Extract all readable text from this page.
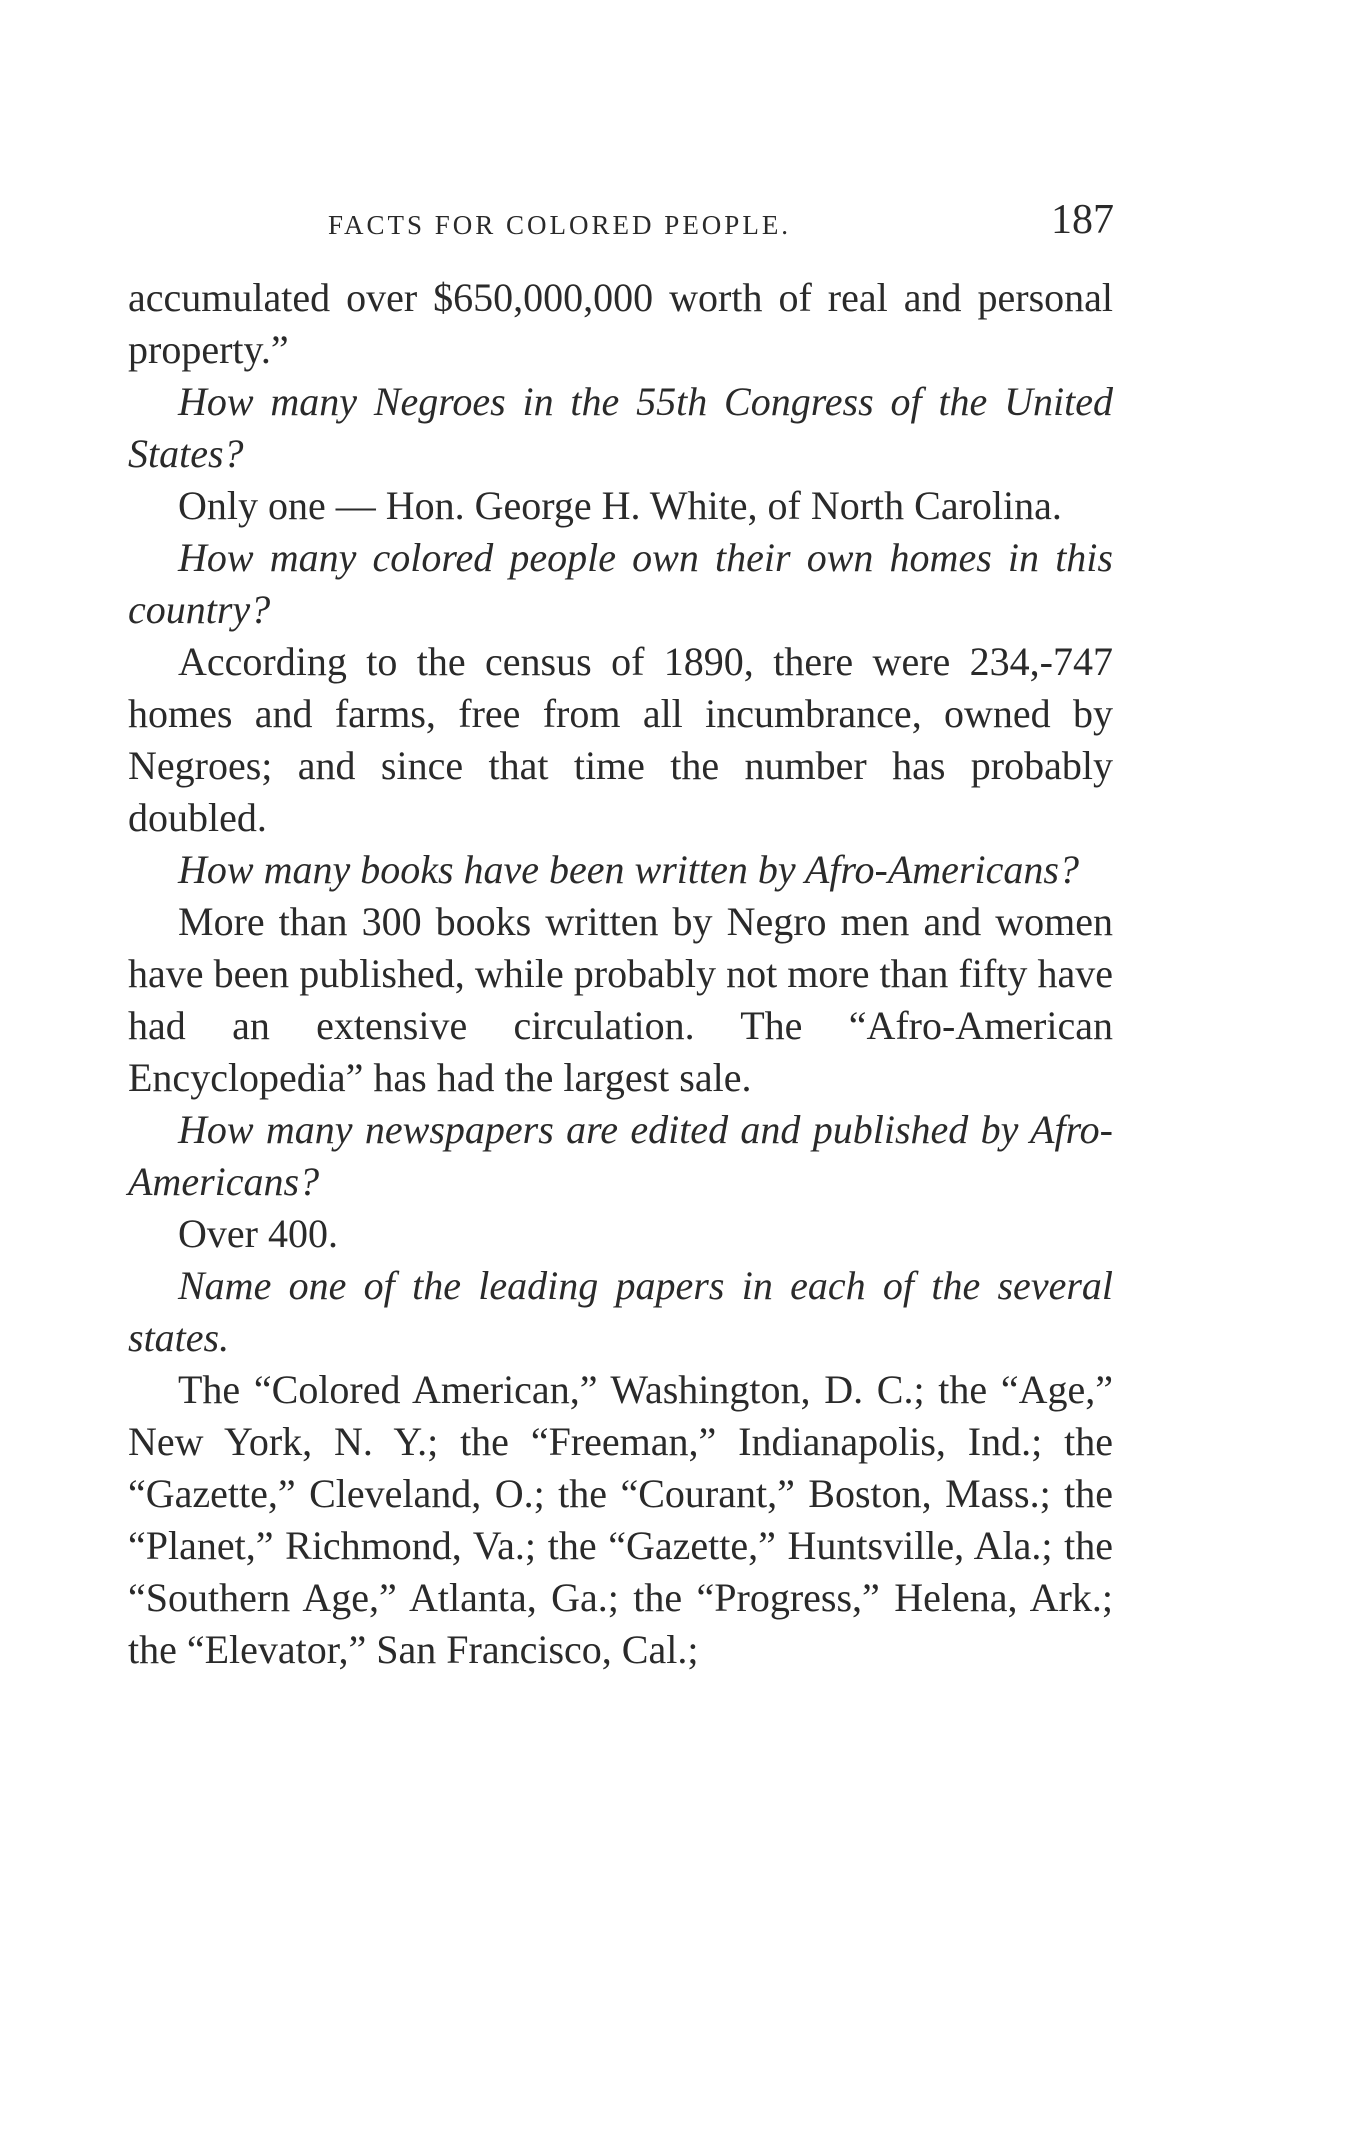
FACTS FOR COLORED PEOPLE.	187

accumulated over $650,000,000 worth of real and personal property.”

How many Negroes in the 55th Congress of the United States?

Only one — Hon. George H. White, of North Carolina.

How many colored people own their own homes in this country?

According to the census of 1890, there were 234,-747 homes and farms, free from all incumbrance, owned by Negroes; and since that time the number has probably doubled.

How many books have been written by Afro-Americans?

More than 300 books written by Negro men and women have been published, while probably not more than fifty have had an extensive circulation. The “Afro-American Encyclopedia” has had the largest sale.

How many newspapers are edited and published by Afro-Americans?

Over 400.

Name one of the leading papers in each of the several states.

The “Colored American,” Washington, D. C.; the “Age,” New York, N. Y.; the “Freeman,” Indianapolis, Ind.; the “Gazette,” Cleveland, O.; the “Courant,” Boston, Mass.; the “Planet,” Richmond, Va.; the “Gazette,” Huntsville, Ala.; the “Southern Age,” Atlanta, Ga.; the “Progress,” Helena, Ark.; the “Elevator,” San Francisco, Cal.;
